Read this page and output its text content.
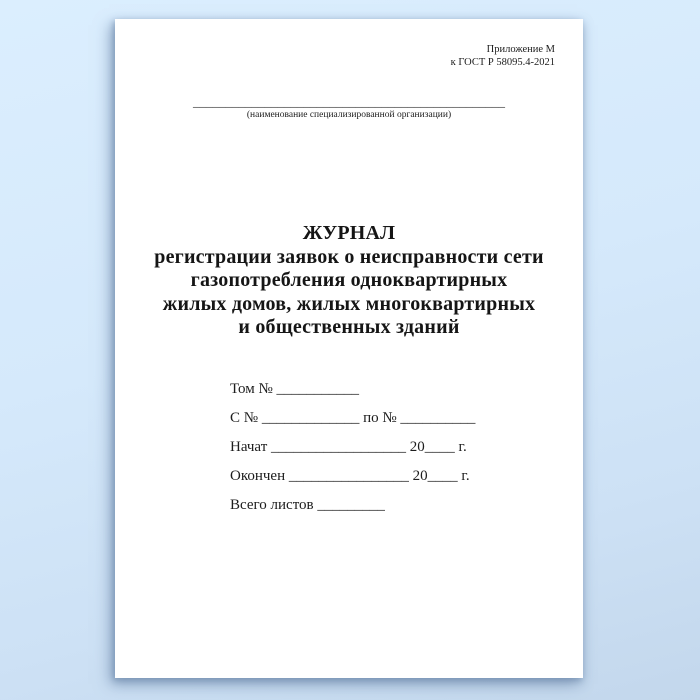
Приложение М
к ГОСТ Р 58095.4-2021
________________________________________________
(наименование специализированной организации)
ЖУРНАЛ
регистрации заявок о неисправности сети
газопотребления одноквартирных
жилых домов, жилых многоквартирных
и общественных зданий
Том № ___________
С № _____________ по № __________
Начат __________________ 20____ г.
Окончен ________________ 20____ г.
Всего листов _________
